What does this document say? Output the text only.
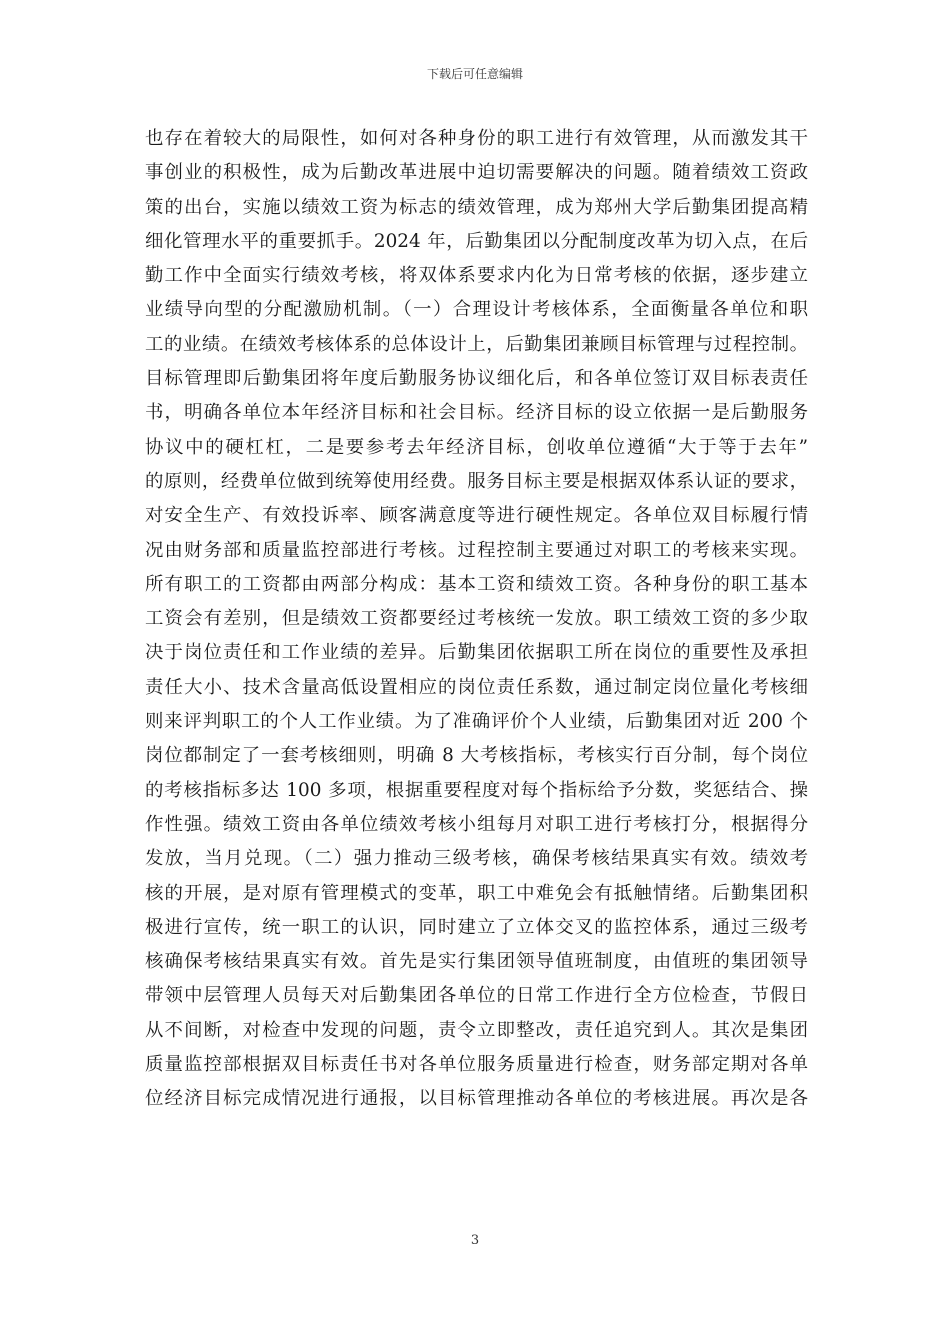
下载后可任意编辑
也存在着较大的局限性，如何对各种身份的职工进行有效管理，从而激发其干
事创业的积极性，成为后勤改革进展中迫切需要解决的问题。随着绩效工资政
策的出台，实施以绩效工资为标志的绩效管理，成为郑州大学后勤集团提高精
细化管理水平的重要抓手。2024 年，后勤集团以分配制度改革为切入点，在后
勤工作中全面实行绩效考核，将双体系要求内化为日常考核的依据，逐步建立
业绩导向型的分配激励机制。（一）合理设计考核体系，全面衡量各单位和职
工的业绩。在绩效考核体系的总体设计上，后勤集团兼顾目标管理与过程控制。
目标管理即后勤集团将年度后勤服务协议细化后，和各单位签订双目标表责任
书，明确各单位本年经济目标和社会目标。经济目标的设立依据一是后勤服务
协议中的硬杠杠，二是要参考去年经济目标，创收单位遵循“大于等于去年”
的原则，经费单位做到统筹使用经费。服务目标主要是根据双体系认证的要求，
对安全生产、有效投诉率、顾客满意度等进行硬性规定。各单位双目标履行情
况由财务部和质量监控部进行考核。过程控制主要通过对职工的考核来实现。
所有职工的工资都由两部分构成：基本工资和绩效工资。各种身份的职工基本
工资会有差别，但是绩效工资都要经过考核统一发放。职工绩效工资的多少取
决于岗位责任和工作业绩的差异。后勤集团依据职工所在岗位的重要性及承担
责任大小、技术含量高低设置相应的岗位责任系数，通过制定岗位量化考核细
则来评判职工的个人工作业绩。为了准确评价个人业绩，后勤集团对近 200 个
岗位都制定了一套考核细则，明确 8 大考核指标，考核实行百分制，每个岗位
的考核指标多达 100 多项，根据重要程度对每个指标给予分数，奖惩结合、操
作性强。绩效工资由各单位绩效考核小组每月对职工进行考核打分，根据得分
发放，当月兑现。（二）强力推动三级考核，确保考核结果真实有效。绩效考
核的开展，是对原有管理模式的变革，职工中难免会有抵触情绪。后勤集团积
极进行宣传，统一职工的认识，同时建立了立体交叉的监控体系，通过三级考
核确保考核结果真实有效。首先是实行集团领导值班制度，由值班的集团领导
带领中层管理人员每天对后勤集团各单位的日常工作进行全方位检查，节假日
从不间断，对检查中发现的问题，责令立即整改，责任追究到人。其次是集团
质量监控部根据双目标责任书对各单位服务质量进行检查，财务部定期对各单
位经济目标完成情况进行通报，以目标管理推动各单位的考核进展。再次是各
3
